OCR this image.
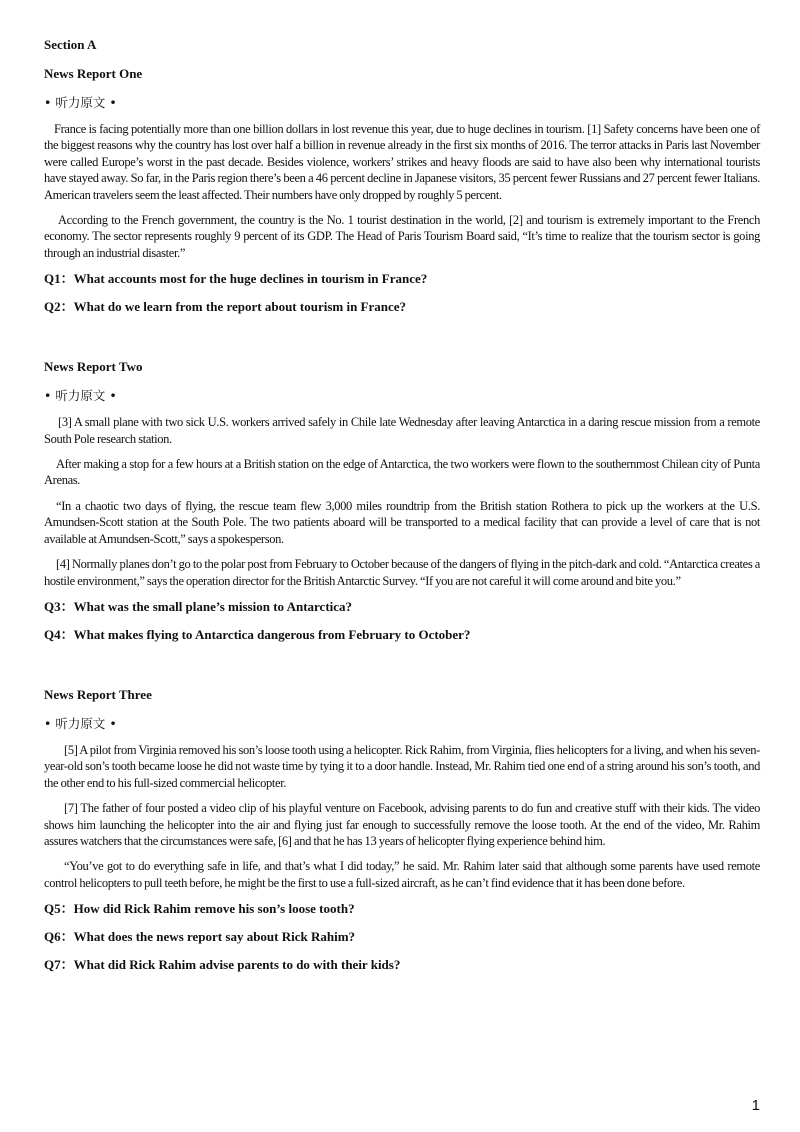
Section A
News Report One
• 听力原文 •

France is facing potentially more than one billion dollars in lost revenue this year, due to huge declines in tourism. [1] Safety concerns have been one of the biggest reasons why the country has lost over half a billion in revenue already in the first six months of 2016. The terror attacks in Paris last November were called Europe’s worst in the past decade. Besides violence, workers’ strikes and heavy floods are said to have also been why international tourists have stayed away. So far, in the Paris region there’s been a 46 percent decline in Japanese visitors, 35 percent fewer Russians and 27 percent fewer Italians. American travelers seem the least affected. Their numbers have only dropped by roughly 5 percent.

According to the French government, the country is the No. 1 tourist destination in the world, [2] and tourism is extremely important to the French economy. The sector represents roughly 9 percent of its GDP. The Head of Paris Tourism Board said, “It’s time to realize that the tourism sector is going through an industrial disaster.”

Q1：What accounts most for the huge declines in tourism in France?
Q2：What do we learn from the report about tourism in France?
News Report Two
• 听力原文 •

[3] A small plane with two sick U.S. workers arrived safely in Chile late Wednesday after leaving Antarctica in a daring rescue mission from a remote South Pole research station.

After making a stop for a few hours at a British station on the edge of Antarctica, the two workers were flown to the southernmost Chilean city of Punta Arenas.

“In a chaotic two days of flying, the rescue team flew 3,000 miles roundtrip from the British station Rothera to pick up the workers at the U.S. Amundsen-Scott station at the South Pole. The two patients aboard will be transported to a medical facility that can provide a level of care that is not available at Amundsen-Scott,” says a spokesperson.

[4] Normally planes don’t go to the polar post from February to October because of the dangers of flying in the pitch-dark and cold. “Antarctica creates a hostile environment,” says the operation director for the British Antarctic Survey. “If you are not careful it will come around and bite you.”

Q3：What was the small plane’s mission to Antarctica?
Q4：What makes flying to Antarctica dangerous from February to October?
News Report Three
• 听力原文 •

[5] A pilot from Virginia removed his son’s loose tooth using a helicopter. Rick Rahim, from Virginia, flies helicopters for a living, and when his seven-year-old son’s tooth became loose he did not waste time by tying it to a door handle. Instead, Mr. Rahim tied one end of a string around his son’s tooth, and the other end to his full-sized commercial helicopter.

[7] The father of four posted a video clip of his playful venture on Facebook, advising parents to do fun and creative stuff with their kids. The video shows him launching the helicopter into the air and flying just far enough to successfully remove the loose tooth. At the end of the video, Mr. Rahim assures watchers that the circumstances were safe, [6] and that he has 13 years of helicopter flying experience behind him.

“You’ve got to do everything safe in life, and that’s what I did today,” he said. Mr. Rahim later said that although some parents have used remote control helicopters to pull teeth before, he might be the first to use a full-sized aircraft, as he can’t find evidence that it has been done before.

Q5：How did Rick Rahim remove his son’s loose tooth?
Q6：What does the news report say about Rick Rahim?
Q7：What did Rick Rahim advise parents to do with their kids?
1
